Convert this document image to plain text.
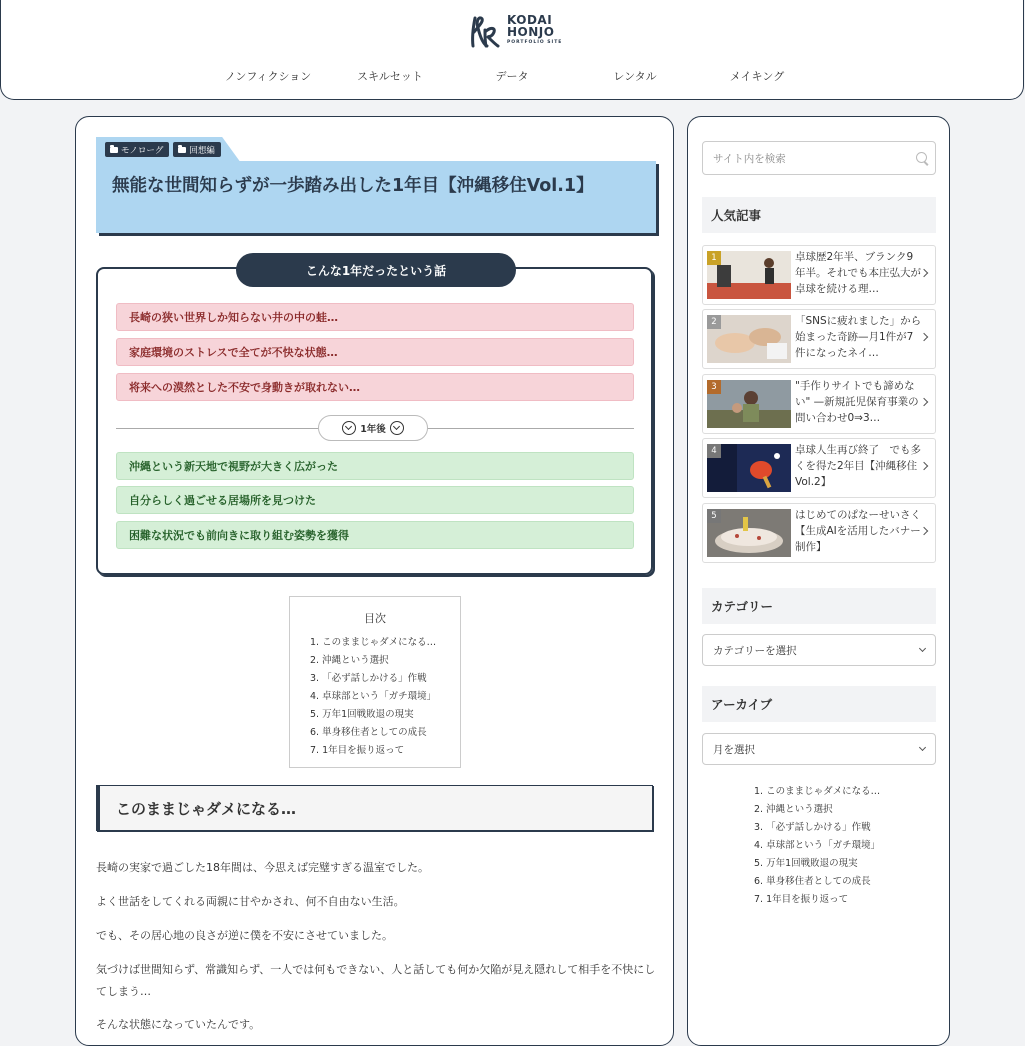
KODAI
HONJO
PORTFOLIO SITE
ノンフィクション	スキルセット	データ	レンタル	メイキング
モノローグ	回想編
無能な世間知らずが一歩踏み出した1年目【沖縄移住Vol.1】
こんな1年だったという話
長崎の狭い世界しか知らない井の中の蛙…
家庭環境のストレスで全てが不快な状態…
将来への漠然とした不安で身動きが取れない…
1年後
沖縄という新天地で視野が大きく広がった
自分らしく過ごせる居場所を見つけた
困難な状況でも前向きに取り組む姿勢を獲得
目次
1. このままじゃダメになる…
2. 沖縄という選択
3. 「必ず話しかける」作戦
4. 卓球部という「ガチ環境」
5. 万年1回戦敗退の現実
6. 単身移住者としての成長
7. 1年目を振り返って
このままじゃダメになる…

長崎の実家で過ごした18年間は、今思えば完璧すぎる温室でした。

よく世話をしてくれる両親に甘やかされ、何不自由ない生活。

でも、その居心地の良さが逆に僕を不安にさせていました。

気づけば世間知らず、常識知らず、一人では何もできない、人と話しても何か欠陥が見え隠れして相手を不快にしてしまう…

そんな状態になっていたんです。

サイト内を検索
人気記事
1	卓球歴2年半、ブランク9年半。それでも本庄弘大が卓球を続ける理…
2	「SNSに疲れました」から始まった奇跡—月1件が7件になったネイ…
3	"手作りサイトでも諦めない" —新規託児保育事業の問い合わせ0⇒3…
4	卓球人生再び終了　でも多くを得た2年目【沖縄移住Vol.2】
5	はじめてのぱなーせいさく【生成AIを活用したバナー制作】
カテゴリー
カテゴリーを選択
アーカイブ
月を選択
1. このままじゃダメになる…
2. 沖縄という選択
3. 「必ず話しかける」作戦
4. 卓球部という「ガチ環境」
5. 万年1回戦敗退の現実
6. 単身移住者としての成長
7. 1年目を振り返って
